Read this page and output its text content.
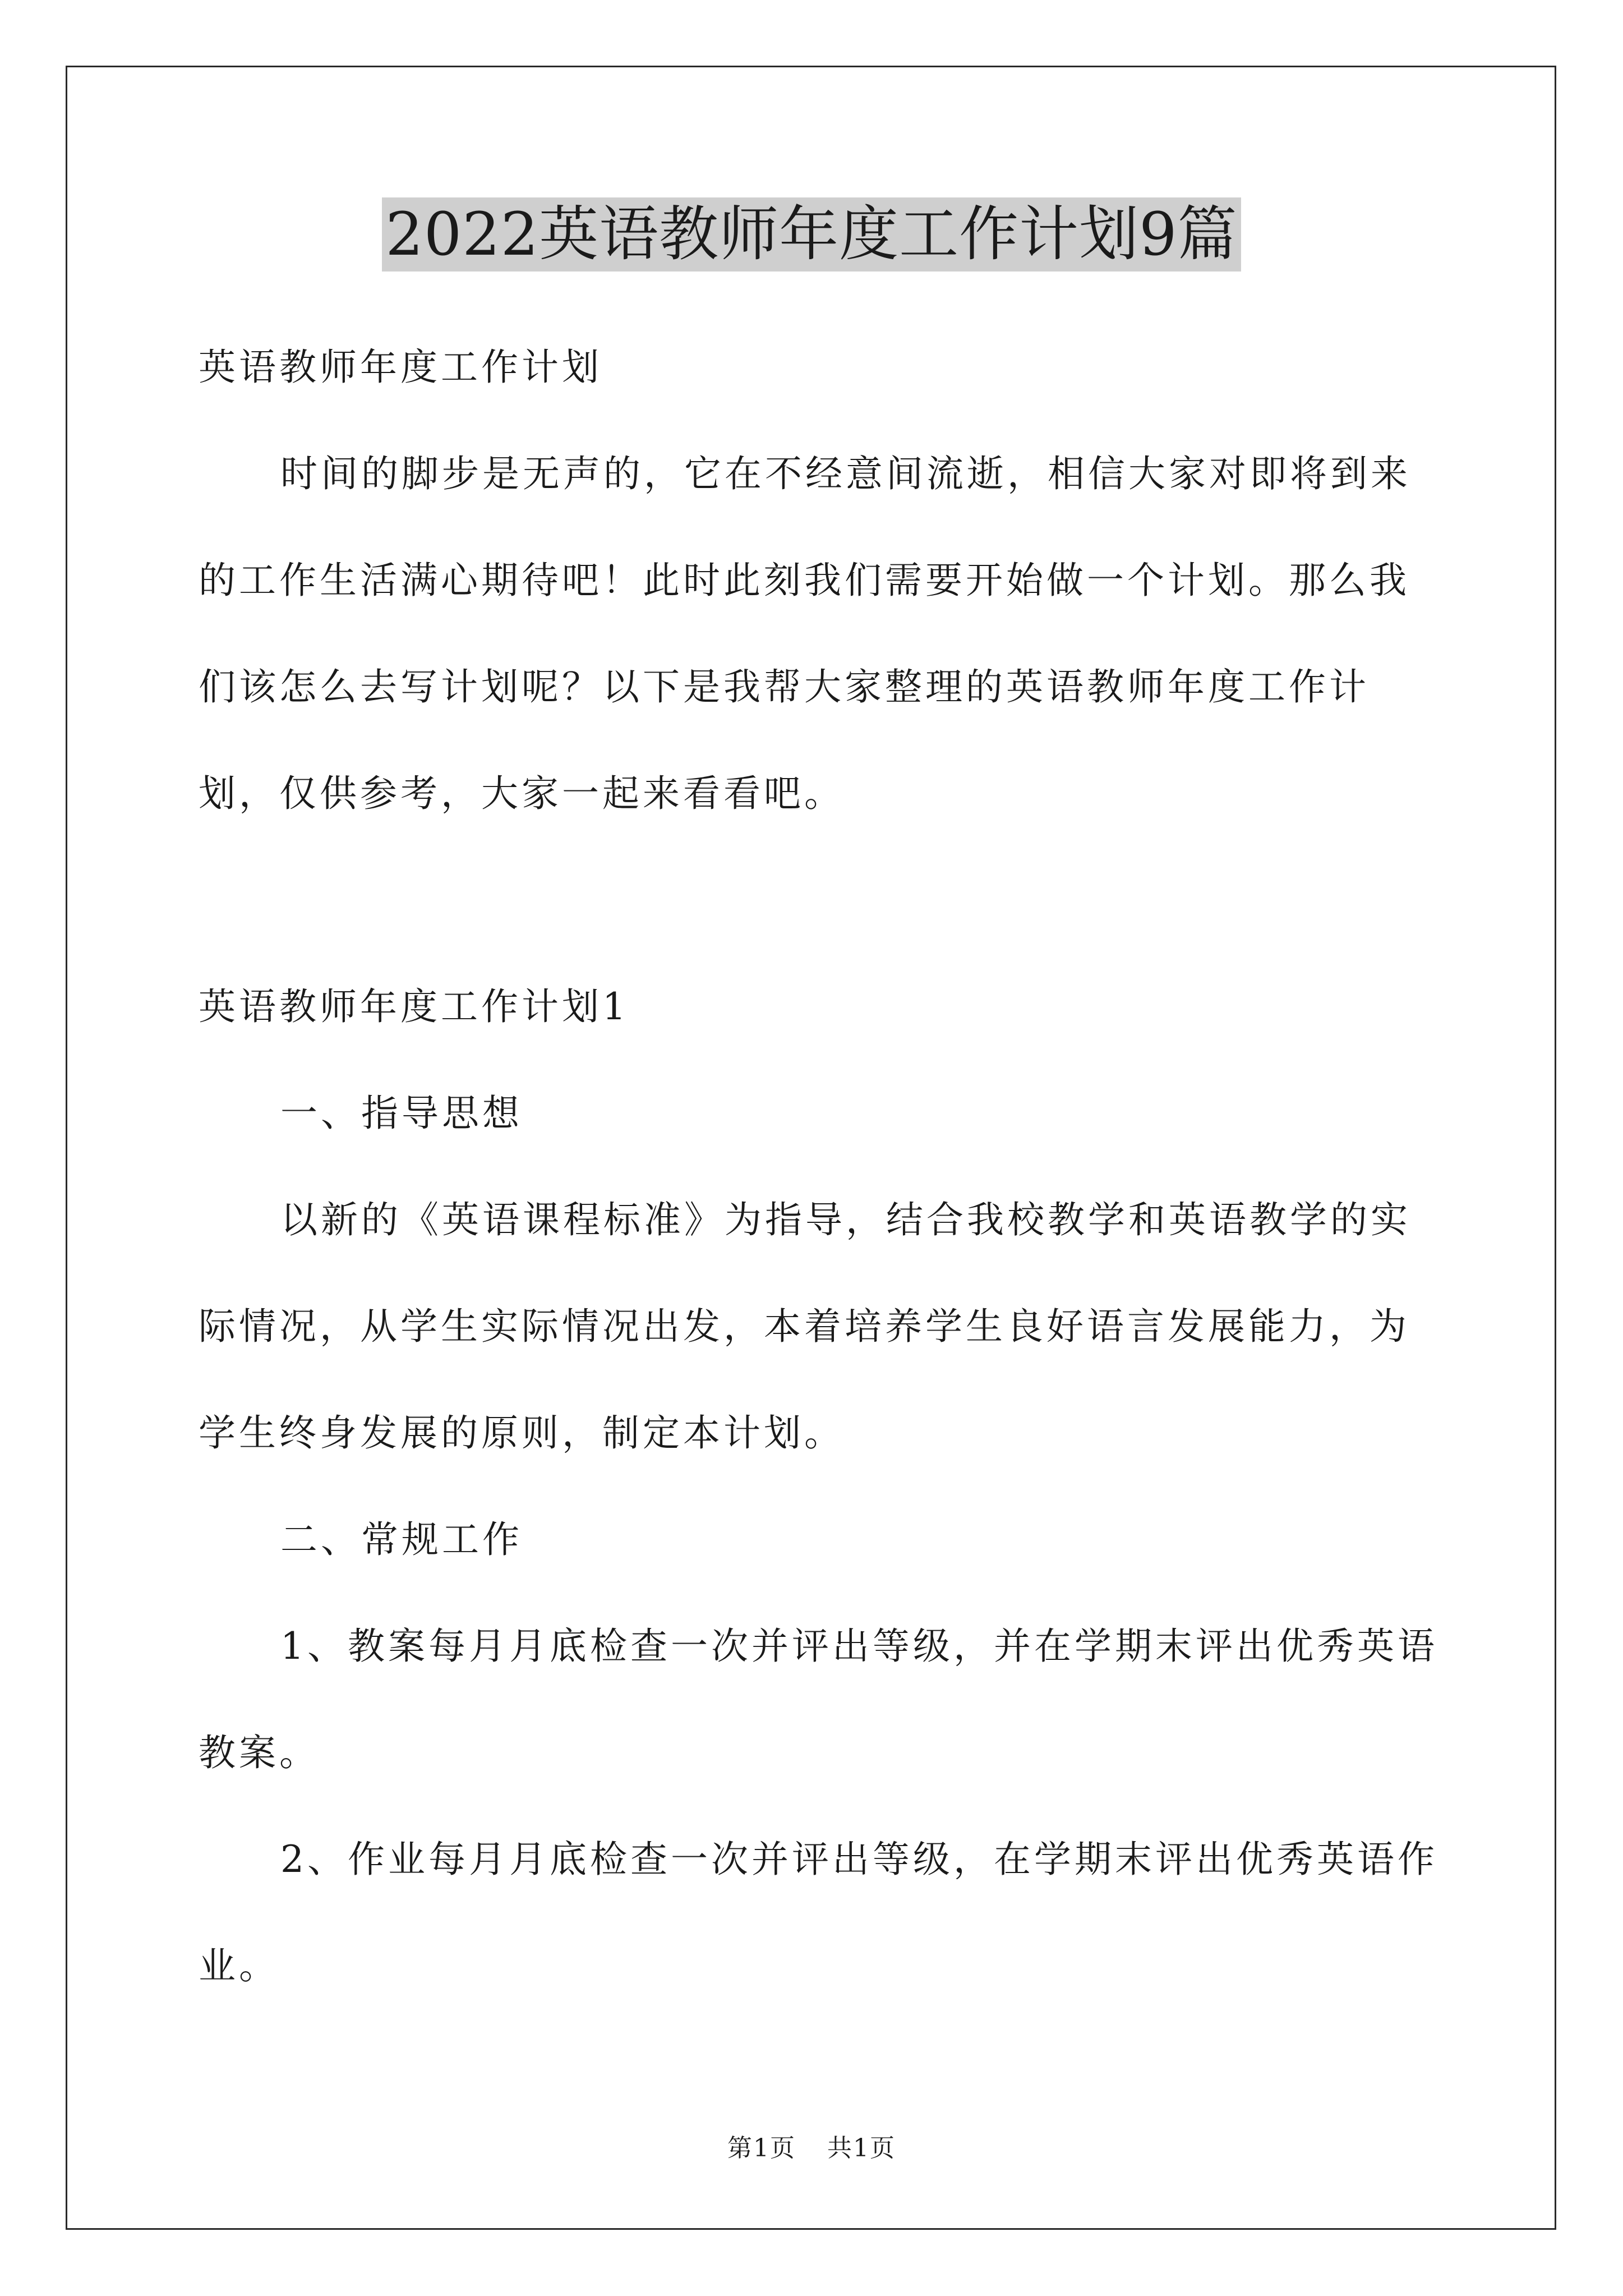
2022英语教师年度工作计划9篇

英语教师年度工作计划

时间的脚步是无声的，它在不经意间流逝，相信大家对即将到来的工作生活满心期待吧！此时此刻我们需要开始做一个计划。那么我们该怎么去写计划呢？以下是我帮大家整理的英语教师年度工作计划，仅供参考，大家一起来看看吧。

英语教师年度工作计划1

一、指导思想

以新的《英语课程标准》为指导，结合我校教学和英语教学的实际情况，从学生实际情况出发，本着培养学生良好语言发展能力，为学生终身发展的原则，制定本计划。

二、常规工作

1、教案每月月底检查一次并评出等级，并在学期末评出优秀英语教案。

2、作业每月月底检查一次并评出等级，在学期末评出优秀英语作业。

第1页 共1页
